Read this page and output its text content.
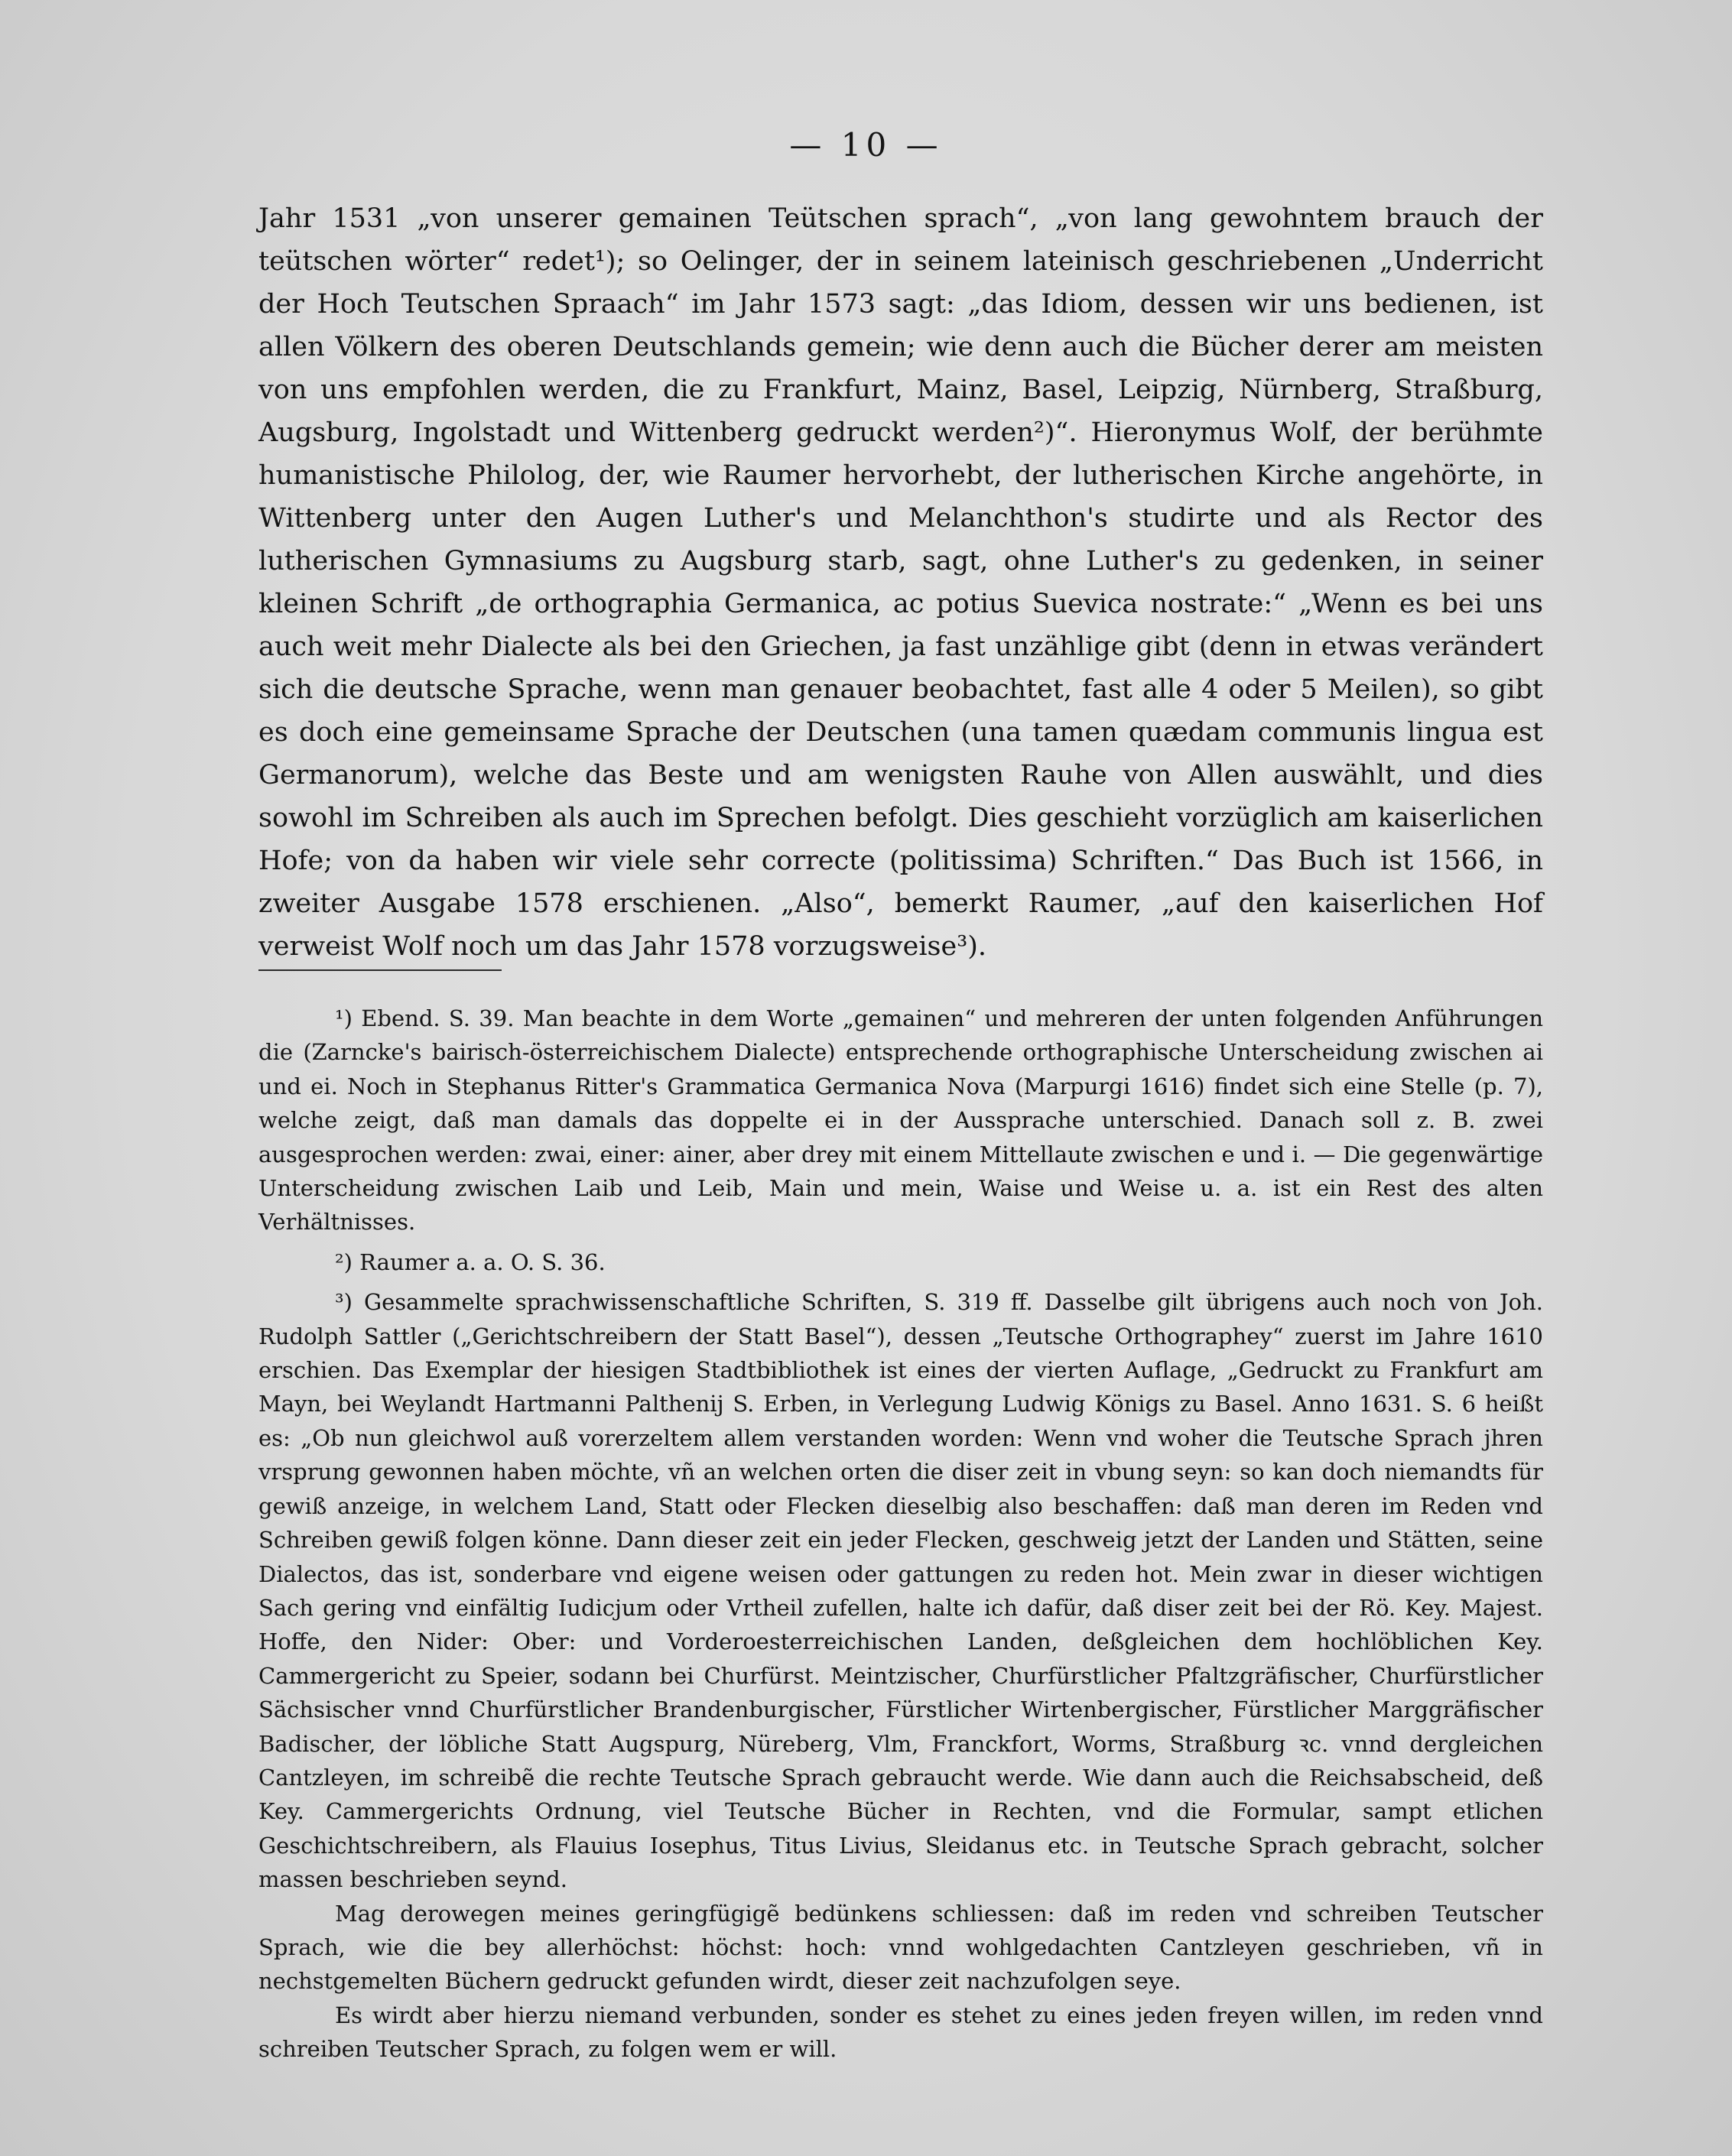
— 10 —

Jahr 1531 „von unserer gemainen Teütschen sprach“, „von lang gewohntem brauch der teütschen wörter“ redet¹); so Oelinger, der in seinem lateinisch geschriebenen „Underricht der Hoch Teutschen Spraach“ im Jahr 1573 sagt: „das Idiom, dessen wir uns bedienen, ist allen Völkern des oberen Deutschlands gemein; wie denn auch die Bücher derer am meisten von uns empfohlen werden, die zu Frankfurt, Mainz, Basel, Leipzig, Nürnberg, Straßburg, Augsburg, Ingolstadt und Wittenberg gedruckt werden²)“. Hieronymus Wolf, der berühmte humanistische Philolog, der, wie Raumer hervorhebt, der lutherischen Kirche angehörte, in Wittenberg unter den Augen Luther's und Melanchthon's studirte und als Rector des lutherischen Gymnasiums zu Augsburg starb, sagt, ohne Luther's zu gedenken, in seiner kleinen Schrift „de orthographia Germanica, ac potius Suevica nostrate:“ „Wenn es bei uns auch weit mehr Dialecte als bei den Griechen, ja fast unzählige gibt (denn in etwas verändert sich die deutsche Sprache, wenn man genauer beobachtet, fast alle 4 oder 5 Meilen), so gibt es doch eine gemeinsame Sprache der Deutschen (una tamen quædam communis lingua est Germanorum), welche das Beste und am wenigsten Rauhe von Allen auswählt, und dies sowohl im Schreiben als auch im Sprechen befolgt. Dies geschieht vorzüglich am kaiserlichen Hofe; von da haben wir viele sehr correcte (politissima) Schriften.“ Das Buch ist 1566, in zweiter Ausgabe 1578 erschienen. „Also“, bemerkt Raumer, „auf den kaiserlichen Hof verweist Wolf noch um das Jahr 1578 vorzugsweise³).

¹) Ebend. S. 39. Man beachte in dem Worte „gemainen“ und mehreren der unten folgenden Anführungen die (Zarncke's bairisch-österreichischem Dialecte) entsprechende orthographische Unterscheidung zwischen ai und ei. Noch in Stephanus Ritter's Grammatica Germanica Nova (Marpurgi 1616) findet sich eine Stelle (p. 7), welche zeigt, daß man damals das doppelte ei in der Aussprache unterschied. Danach soll z. B. zwei ausgesprochen werden: zwai, einer: ainer, aber drey mit einem Mittellaute zwischen e und i. — Die gegenwärtige Unterscheidung zwischen Laib und Leib, Main und mein, Waise und Weise u. a. ist ein Rest des alten Verhältnisses.

²) Raumer a. a. O. S. 36.

³) Gesammelte sprachwissenschaftliche Schriften, S. 319 ff. Dasselbe gilt übrigens auch noch von Joh. Rudolph Sattler („Gerichtschreibern der Statt Basel“), dessen „Teutsche Orthographey“ zuerst im Jahre 1610 erschien. Das Exemplar der hiesigen Stadtbibliothek ist eines der vierten Auflage, „Gedruckt zu Frankfurt am Mayn, bei Weylandt Hartmanni Palthenij S. Erben, in Verlegung Ludwig Königs zu Basel. Anno 1631. S. 6 heißt es: „Ob nun gleichwol auß vorerzeltem allem verstanden worden: Wenn vnd woher die Teutsche Sprach jhren vrsprung gewonnen haben möchte, vñ an welchen orten die diser zeit in vbung seyn: so kan doch niemandts für gewiß anzeige, in welchem Land, Statt oder Flecken dieselbig also beschaffen: daß man deren im Reden vnd Schreiben gewiß folgen könne. Dann dieser zeit ein jeder Flecken, geschweig jetzt der Landen und Stätten, seine Dialectos, das ist, sonderbare vnd eigene weisen oder gattungen zu reden hot. Mein zwar in dieser wichtigen Sach gering vnd einfältig Iudicjum oder Vrtheil zufellen, halte ich dafür, daß diser zeit bei der Rö. Key. Majest. Hoffe, den Nider: Ober: und Vorderoesterreichischen Landen, deßgleichen dem hochlöblichen Key. Cammergericht zu Speier, sodann bei Churfürst. Meintzischer, Churfürstlicher Pfaltzgräfischer, Churfürstlicher Sächsischer vnnd Churfürstlicher Brandenburgischer, Fürstlicher Wirtenbergischer, Fürstlicher Marggräfischer Badischer, der löbliche Statt Augspurg, Nüreberg, Vlm, Franckfort, Worms, Straßburg ꝛc. vnnd dergleichen Cantzleyen, im schreibẽ die rechte Teutsche Sprach gebraucht werde. Wie dann auch die Reichsabscheid, deß Key. Cammergerichts Ordnung, viel Teutsche Bücher in Rechten, vnd die Formular, sampt etlichen Geschichtschreibern, als Flauius Iosephus, Titus Livius, Sleidanus etc. in Teutsche Sprach gebracht, solcher massen beschrieben seynd.

Mag derowegen meines geringfügigẽ bedünkens schliessen: daß im reden vnd schreiben Teutscher Sprach, wie die bey allerhöchst: höchst: hoch: vnnd wohlgedachten Cantzleyen geschrieben, vñ in nechstgemelten Büchern gedruckt gefunden wirdt, dieser zeit nachzufolgen seye.

Es wirdt aber hierzu niemand verbunden, sonder es stehet zu eines jeden freyen willen, im reden vnnd schreiben Teutscher Sprach, zu folgen wem er will.
